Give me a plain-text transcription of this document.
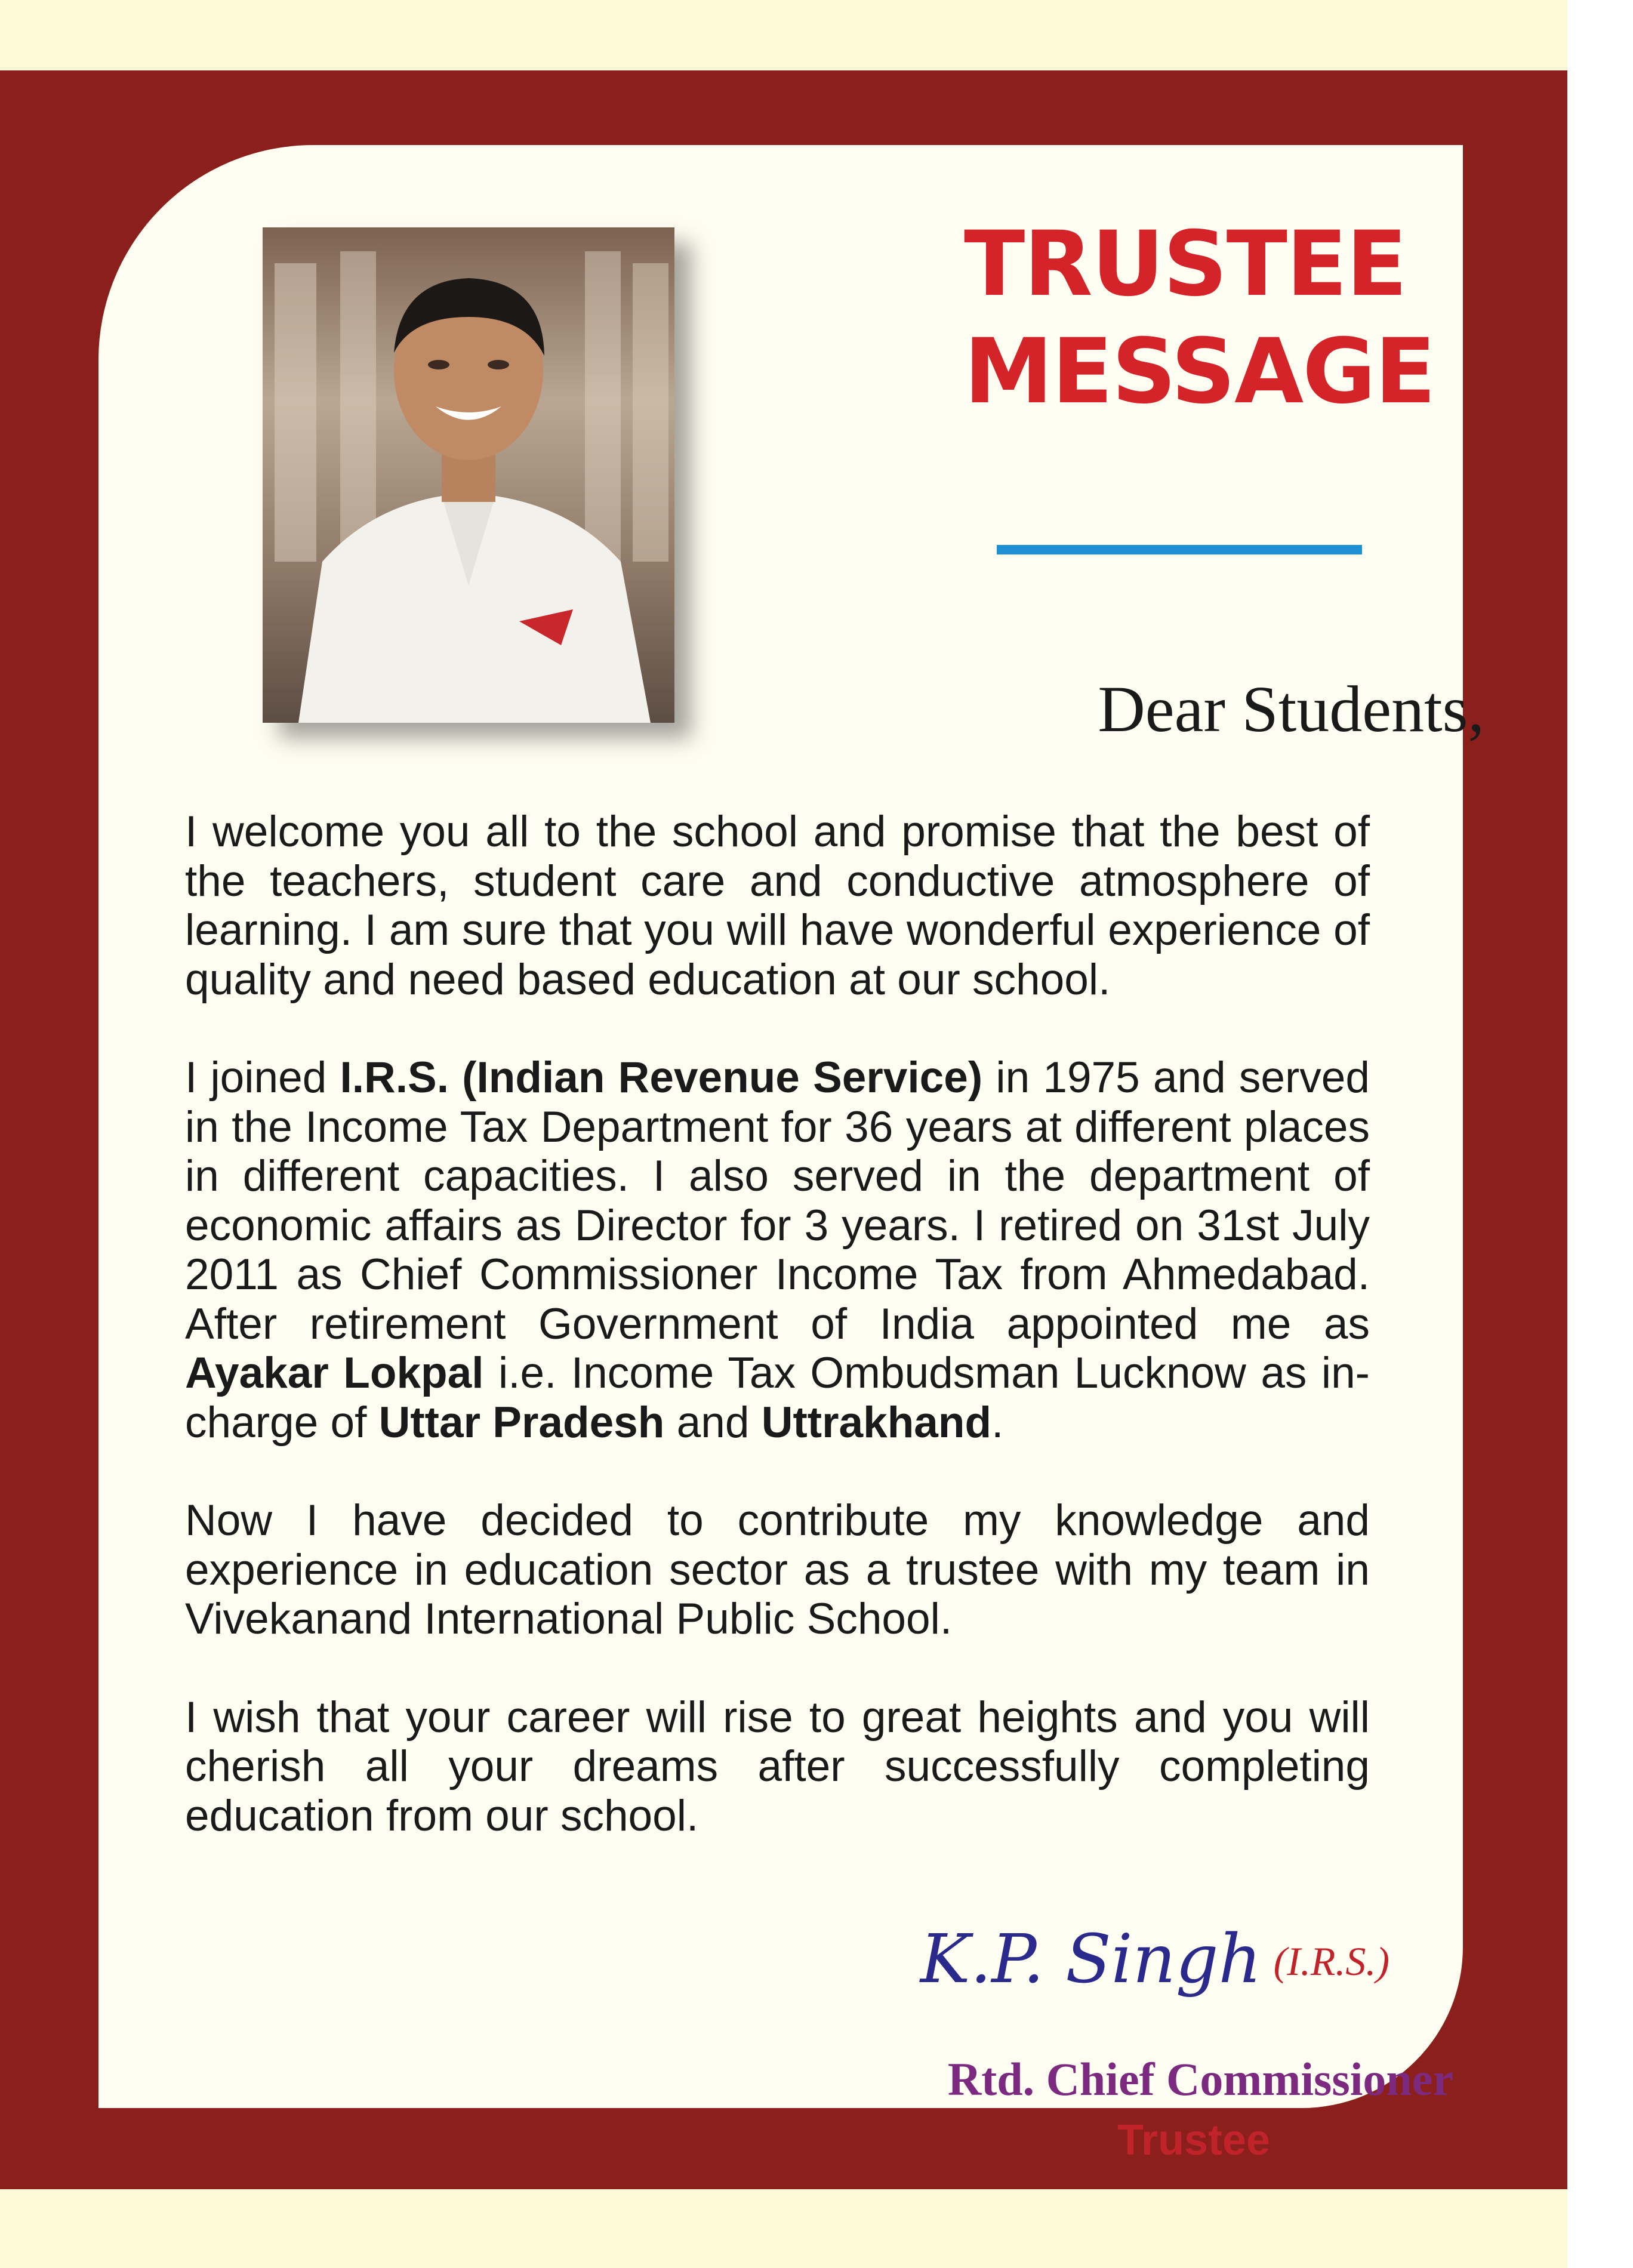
TRUSTEE
MESSAGE

Dear Students,

I welcome you all to the school and promise that the best of the teachers, student care and conductive atmosphere of learning. I am sure that you will have wonderful experience of quality and need based education at our school.

I joined I.R.S. (Indian Revenue Service) in 1975 and served in the Income Tax Department for 36 years at different places in different capacities. I also served in the department of economic affairs as Director for 3 years. I retired on 31st July 2011 as Chief Commissioner Income Tax from Ahmedabad. After retirement Government of India appointed me as Ayakar Lokpal i.e. Income Tax Ombudsman Lucknow as in-charge of Uttar Pradesh and Uttrakhand.

Now I have decided to contribute my knowledge and experience in education sector as a trustee with my team in Vivekanand International Public School.

I wish that your career will rise to great heights and you will cherish all your dreams after successfully completing education from our school.

K.P. Singh (I.R.S.)
Rtd. Chief Commissioner
Trustee
